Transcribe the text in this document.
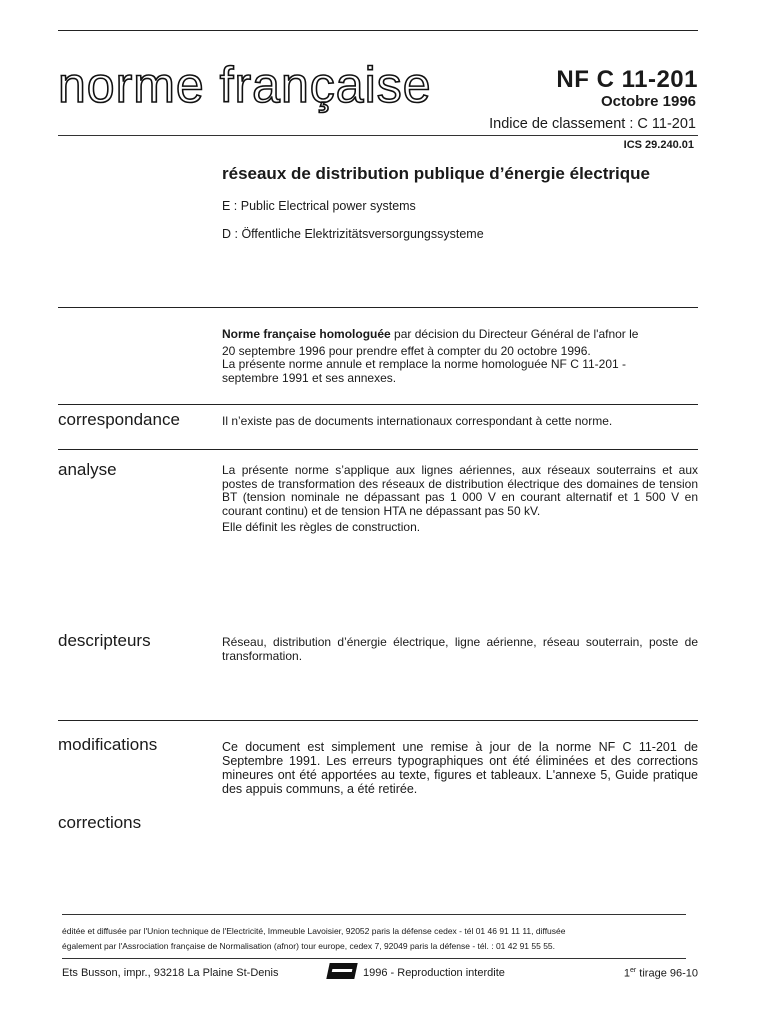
norme française	NF C 11-201
Octobre 1996
Indice de classement : C 11-201
ICS 29.240.01
réseaux de distribution publique d’énergie électrique
E : Public Electrical power systems
D : Öffentliche Elektrizitätsversorgungssysteme

Norme française homologuée par décision du Directeur Général de l'afnor le

20 septembre 1996 pour prendre effet à compter du 20 octobre 1996.

La présente norme annule et remplace la norme homologuée NF C 11-201 -

septembre 1991 et ses annexes.

correspondance	Il n’existe pas de documents internationaux correspondant à cette norme.
analyse	La présente norme s’applique aux lignes aériennes, aux réseaux souterrains et aux postes de transformation des réseaux de distribution électrique des domaines de tension BT (tension nominale ne dépassant pas 1 000 V en courant alternatif et 1 500 V en courant continu) et de tension HTA ne dépassant pas 50 kV.

Elle définit les règles de construction.

descripteurs	Réseau, distribution d’énergie électrique, ligne aérienne, réseau souterrain, poste de transformation.
modifications	Ce document est simplement une remise à jour de la norme NF C 11-201 de Septembre 1991. Les erreurs typographiques ont été éliminées et des corrections mineures ont été apportées au texte, figures et tableaux. L'annexe 5, Guide pratique des appuis communs, a été retirée.
corrections
éditée et diffusée par l'Union technique de l'Electricité, Immeuble Lavoisier, 92052 paris la défense cedex - tél 01 46 91 11 11, diffusée
également par l'Assrociation française de Normalisation (afnor) tour europe, cedex 7, 92049 paris la défense - tél. : 01 42 91 55 55.
Ets Busson, impr., 93218 La Plaine St-Denis	1996 - Reproduction interdite	1er tirage 96-10
